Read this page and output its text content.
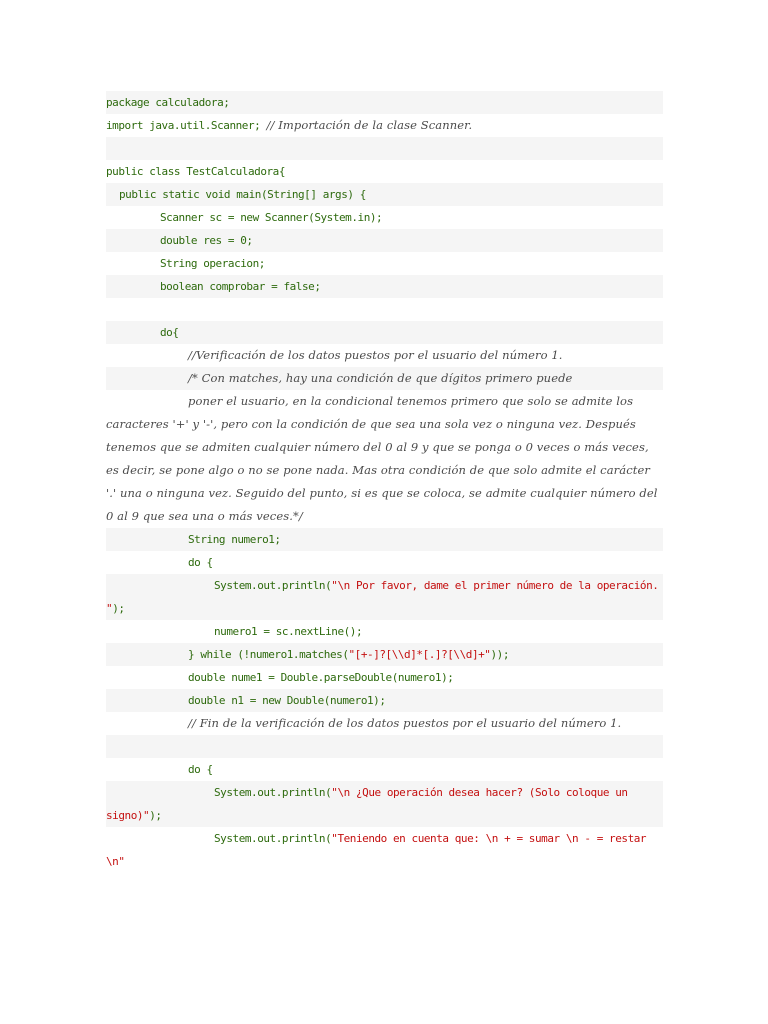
package calculadora;
import java.util.Scanner; // Importación de la clase Scanner.
public class TestCalculadora{
public static void main(String[] args) {
Scanner sc = new Scanner(System.in);
double res = 0;
String operacion;
boolean comprobar = false;
do{
//Verificación de los datos puestos por el usuario del número 1.
/* Con matches, hay una condición de que dígitos primero puede
poner el usuario, en la condicional tenemos primero que solo se admite los caracteres '+' y '-', pero con la condición de que sea una sola vez o ninguna vez. Después tenemos que se admiten cualquier número del 0 al 9 y que se ponga o 0 veces o más veces, es decir, se pone algo o no se pone nada. Mas otra condición de que solo admite el carácter '.' una o ninguna vez. Seguido del punto, si es que se coloca, se admite cualquier número del 0 al 9 que sea una o más veces.*/
String numero1;
do {
System.out.println("\n Por favor, dame el primer número de la operación. ");
numero1 = sc.nextLine();
} while (!numero1.matches("[+-]?[\\d]*[.]?[\\d]+"));
double nume1 = Double.parseDouble(numero1);
double n1 = new Double(numero1);
// Fin de la verificación de los datos puestos por el usuario del número 1.
do {
System.out.println("\n ¿Que operación desea hacer? (Solo coloque un signo)");
System.out.println("Teniendo en cuenta que: \n + = sumar \n - = restar \n"
